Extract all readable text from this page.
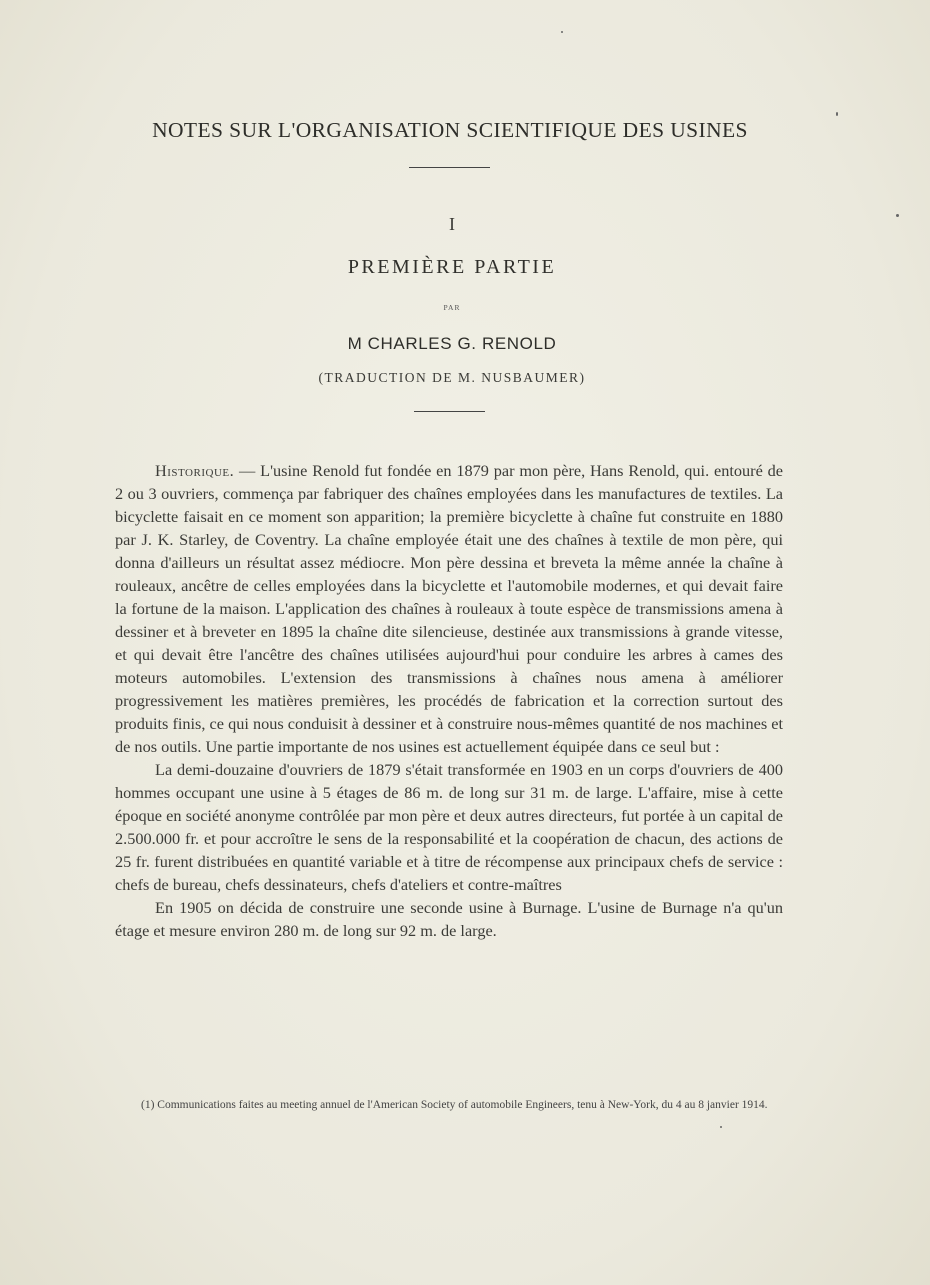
NOTES SUR L'ORGANISATION SCIENTIFIQUE DES USINES
I
PREMIÈRE PARTIE
PAR
M CHARLES G. RENOLD
(TRADUCTION DE M. NUSBAUMER)

Historique. — L'usine Renold fut fondée en 1879 par mon père, Hans Renold, qui. entouré de 2 ou 3 ouvriers, commença par fabriquer des chaînes employées dans les manufactures de textiles. La bicyclette faisait en ce moment son apparition; la première bicyclette à chaîne fut construite en 1880 par J. K. Starley, de Coventry. La chaîne employée était une des chaînes à textile de mon père, qui donna d'ailleurs un résultat assez médiocre. Mon père dessina et breveta la même année la chaîne à rouleaux, ancêtre de celles employées dans la bicyclette et l'automobile modernes, et qui devait faire la fortune de la maison. L'application des chaînes à rouleaux à toute espèce de transmissions amena à dessiner et à breveter en 1895 la chaîne dite silencieuse, destinée aux transmissions à grande vitesse, et qui devait être l'ancêtre des chaînes utilisées aujourd'hui pour conduire les arbres à cames des moteurs automobiles. L'extension des transmissions à chaînes nous amena à améliorer progressivement les matières premières, les procédés de fabrication et la correction surtout des produits finis, ce qui nous conduisit à dessiner et à construire nous-mêmes quantité de nos machines et de nos outils. Une partie importante de nos usines est actuellement équipée dans ce seul but :

La demi-douzaine d'ouvriers de 1879 s'était transformée en 1903 en un corps d'ouvriers de 400 hommes occupant une usine à 5 étages de 86 m. de long sur 31 m. de large. L'affaire, mise à cette époque en société anonyme contrôlée par mon père et deux autres directeurs, fut portée à un capital de 2.500.000 fr. et pour accroître le sens de la responsabilité et la coopération de chacun, des actions de 25 fr. furent distribuées en quantité variable et à titre de récompense aux principaux chefs de service : chefs de bureau, chefs dessinateurs, chefs d'ateliers et contre-maîtres

En 1905 on décida de construire une seconde usine à Burnage. L'usine de Burnage n'a qu'un étage et mesure environ 280 m. de long sur 92 m. de large.

(1) Communications faites au meeting annuel de l'American Society of automobile Engineers, tenu à New-York, du 4 au 8 janvier 1914.
